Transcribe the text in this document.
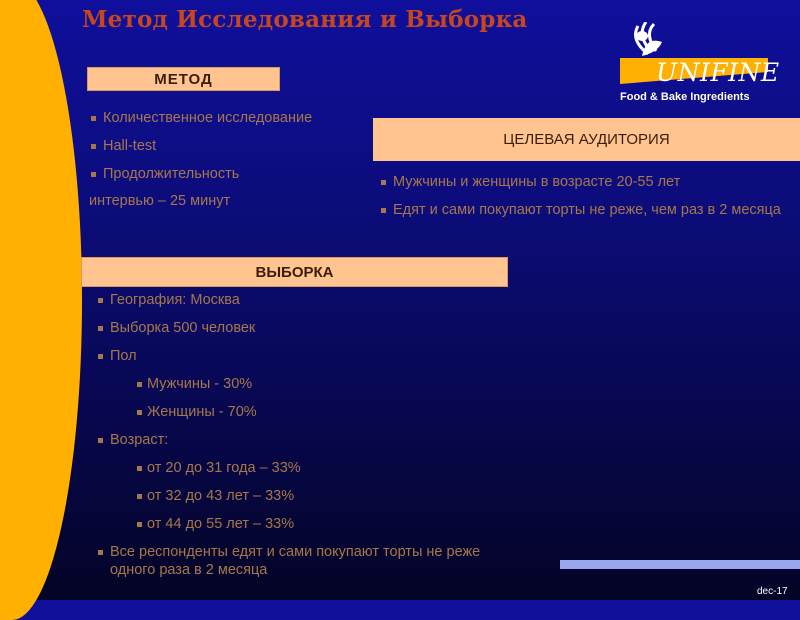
Метод Исследования и Выборка
UNIFINE
Food & Bake Ingredients
МЕТОД
Количественное исследование
Hall-test
Продолжительность
интервью – 25 минут
ЦЕЛЕВАЯ АУДИТОРИЯ
Мужчины и женщины в возрасте 20-55 лет
Едят и сами покупают торты не реже, чем раз в 2 месяца
ВЫБОРКА
География: Москва
Выборка 500 человек
Пол
Мужчины - 30%
Женщины - 70%
Возраст:
от 20 до 31 года – 33%
от 32 до 43 лет – 33%
от 44 до 55 лет – 33%
Все респонденты едят и сами покупают торты не реже одного раза в 2 месяца
dec-17
